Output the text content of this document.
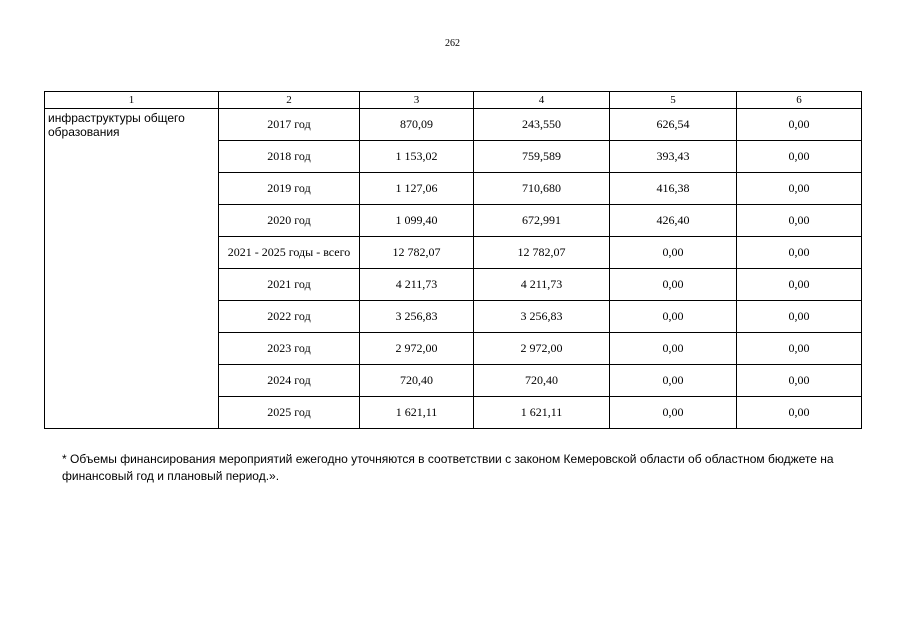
262
1	2	3	4	5	6
инфраструктуры общего образования	2017 год	870,09	243,550	626,54	0,00
	2018 год	1 153,02	759,589	393,43	0,00
	2019 год	1 127,06	710,680	416,38	0,00
	2020 год	1 099,40	672,991	426,40	0,00
	2021 - 2025 годы - всего	12 782,07	12 782,07	0,00	0,00
	2021 год	4 211,73	4 211,73	0,00	0,00
	2022 год	3 256,83	3 256,83	0,00	0,00
	2023 год	2 972,00	2 972,00	0,00	0,00
	2024 год	720,40	720,40	0,00	0,00
	2025 год	1 621,11	1 621,11	0,00	0,00
* Объемы финансирования мероприятий ежегодно уточняются в соответствии с законом Кемеровской области об областном бюджете на финансовый год и плановый период.».
